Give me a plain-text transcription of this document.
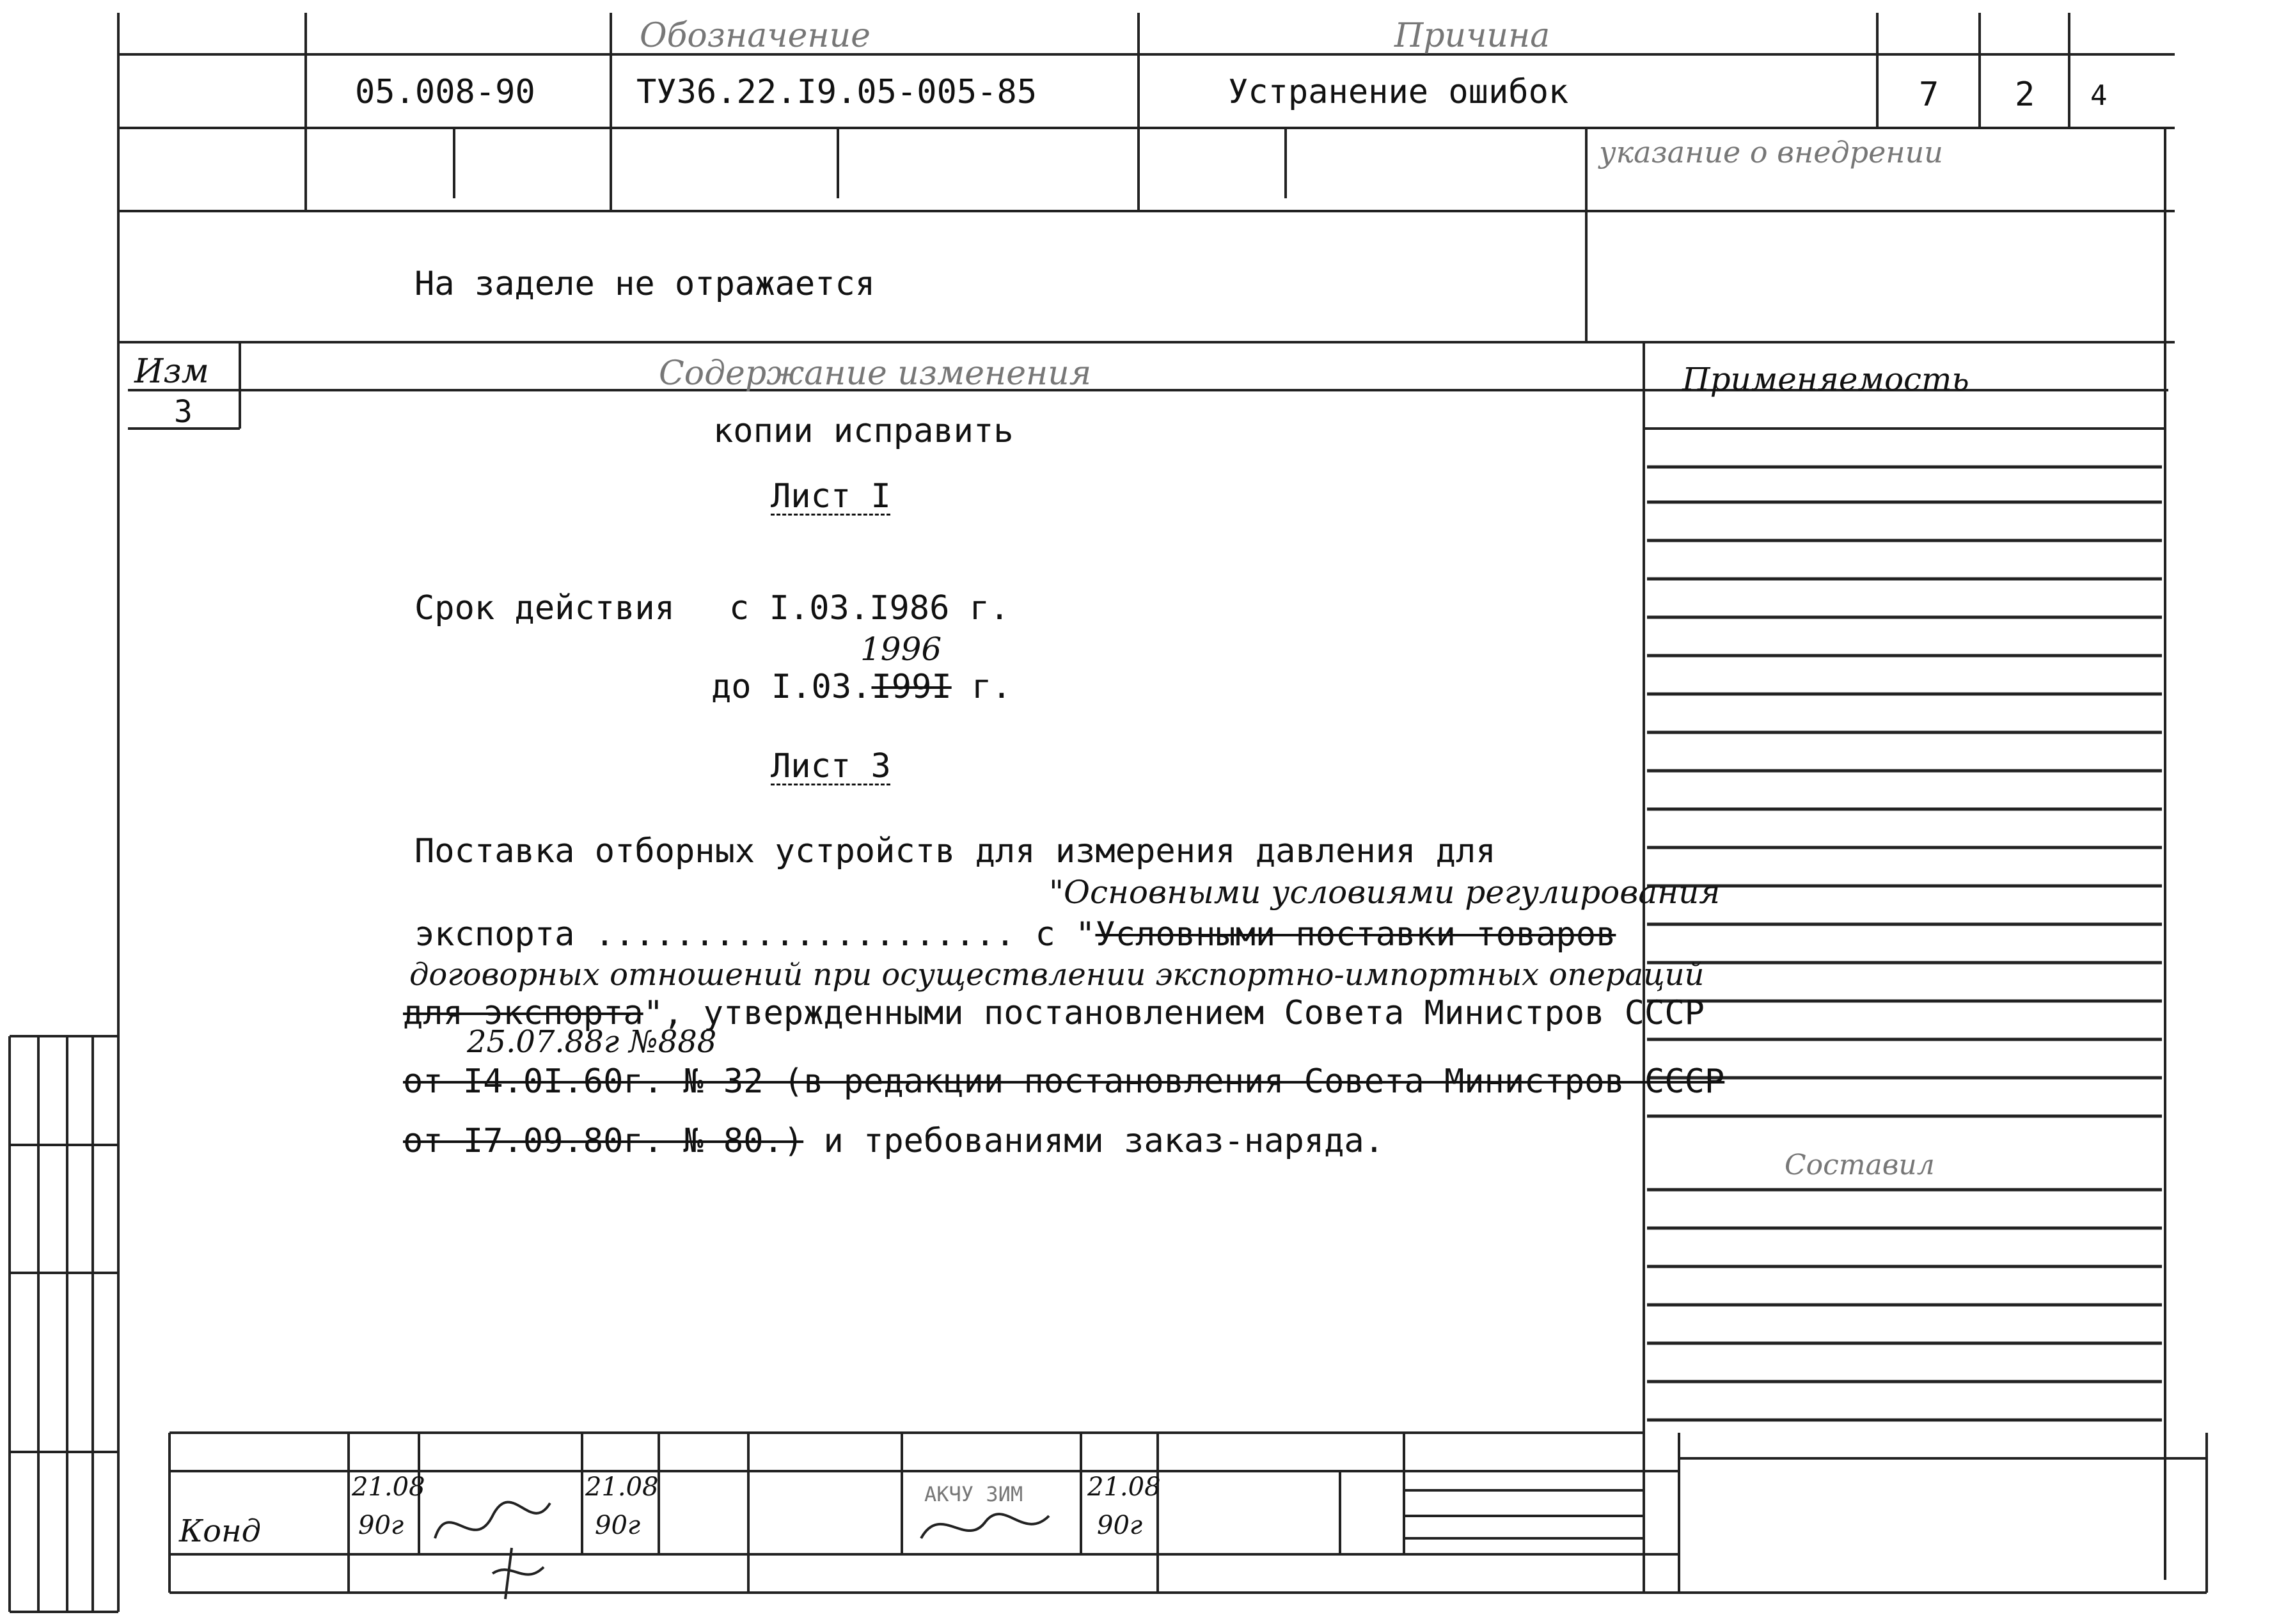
Обозначение	Причина
05.008-90	ТУ36.22.I9.05-005-85	Устранение ошибок	7 2 4
указание о внедрении
На заделе не отражается
Изм
3
Содержание изменения	Применяемость
Составил
копии исправить
Лист I
Срок действия с I.03.I986 г.
1996
до I.03.I99I г.
Лист 3
Поставка отборных устройств для измерения давления для
"Основными условиями регулирования
экспорта ..................... с "Условными поставки товаров
договорных отношений при осуществлении экспортно-импортных операций
для экспорта", утвержденными постановлением Совета Министров СССР
25.07.88г №888
от I4.0I.60г. № 32 (в редакции постановления Совета Министров СССР
от I7.09.80г. № 80.) и требованиями заказ-наряда.
21.08
90г
21.08
90г
21.08
90г
Конд
АКЧУ ЗИМ
